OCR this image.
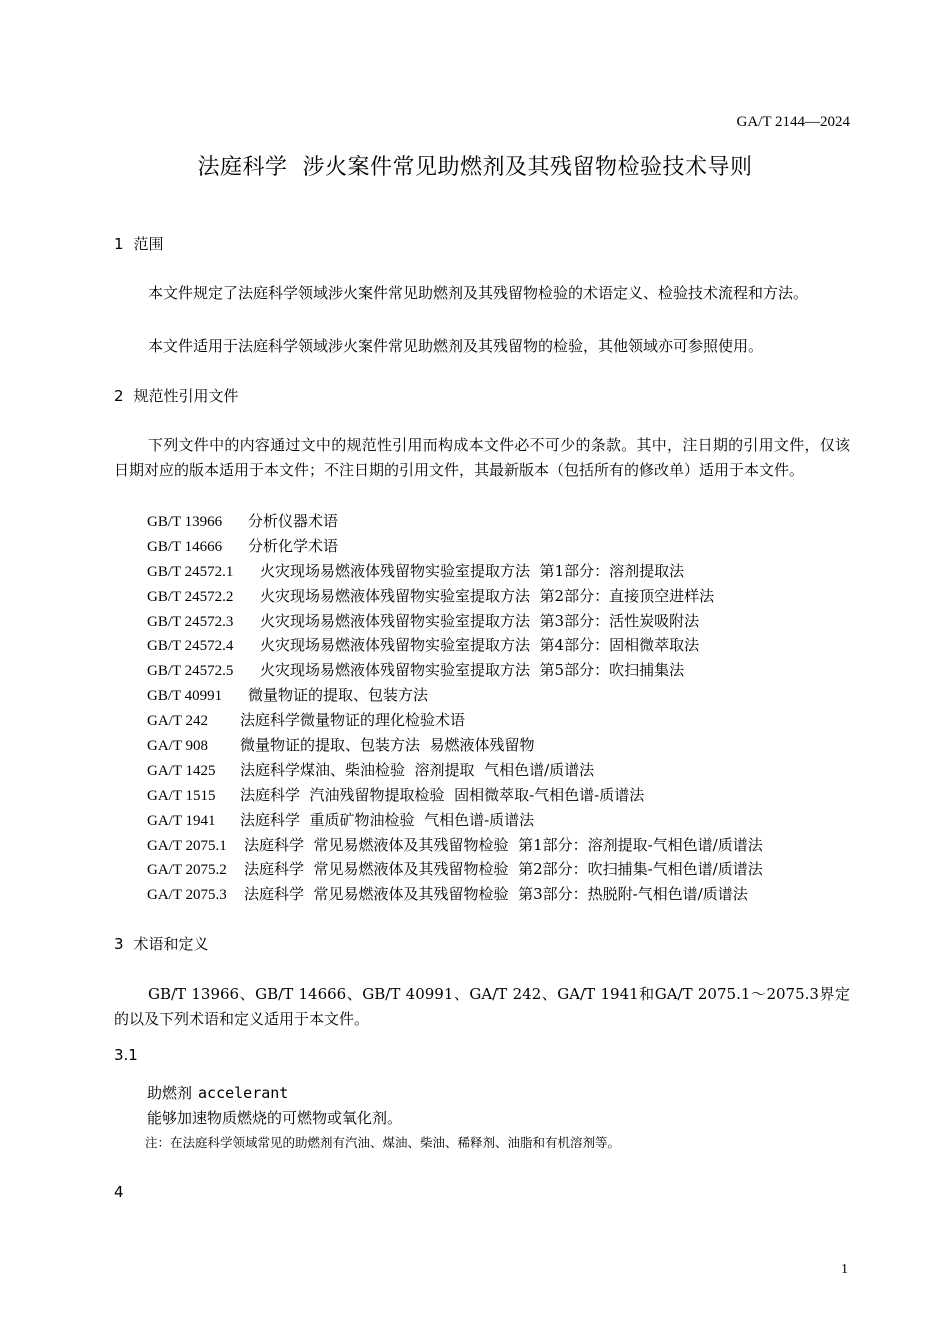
GA/T 2144—2024
法庭科学  涉火案件常见助燃剂及其残留物检验技术导则
1 范围

本文件规定了法庭科学领域涉火案件常见助燃剂及其残留物检验的术语定义、检验技术流程和方法。

本文件适用于法庭科学领域涉火案件常见助燃剂及其残留物的检验，其他领域亦可参照使用。

2 规范性引用文件

下列文件中的内容通过文中的规范性引用而构成本文件必不可少的条款。其中，注日期的引用文件，仅该日期对应的版本适用于本文件；不注日期的引用文件，其最新版本（包括所有的修改单）适用于本文件。

GB/T 13966 分析仪器术语
GB/T 14666 分析化学术语
GB/T 24572.1 火灾现场易燃液体残留物实验室提取方法  第1部分：溶剂提取法
GB/T 24572.2 火灾现场易燃液体残留物实验室提取方法  第2部分：直接顶空进样法
GB/T 24572.3 火灾现场易燃液体残留物实验室提取方法  第3部分：活性炭吸附法
GB/T 24572.4 火灾现场易燃液体残留物实验室提取方法  第4部分：固相微萃取法
GB/T 24572.5 火灾现场易燃液体残留物实验室提取方法  第5部分：吹扫捕集法
GB/T 40991 微量物证的提取、包装方法
GA/T 242 法庭科学微量物证的理化检验术语
GA/T 908 微量物证的提取、包装方法  易燃液体残留物
GA/T 1425 法庭科学煤油、柴油检验  溶剂提取  气相色谱/质谱法
GA/T 1515 法庭科学  汽油残留物提取检验  固相微萃取-气相色谱-质谱法
GA/T 1941 法庭科学  重质矿物油检验  气相色谱-质谱法
GA/T 2075.1 法庭科学  常见易燃液体及其残留物检验  第1部分：溶剂提取-气相色谱/质谱法
GA/T 2075.2 法庭科学  常见易燃液体及其残留物检验  第2部分：吹扫捕集-气相色谱/质谱法
GA/T 2075.3 法庭科学  常见易燃液体及其残留物检验  第3部分：热脱附-气相色谱/质谱法
3 术语和定义

GB/T 13966、GB/T 14666、GB/T 40991、GA/T 242、GA/T 1941和GA/T 2075.1～2075.3界定的以及下列术语和定义适用于本文件。

3.1
助燃剂 accelerant
能够加速物质燃烧的可燃物或氧化剂。
注：在法庭科学领域常见的助燃剂有汽油、煤油、柴油、稀释剂、油脂和有机溶剂等。
4
1
